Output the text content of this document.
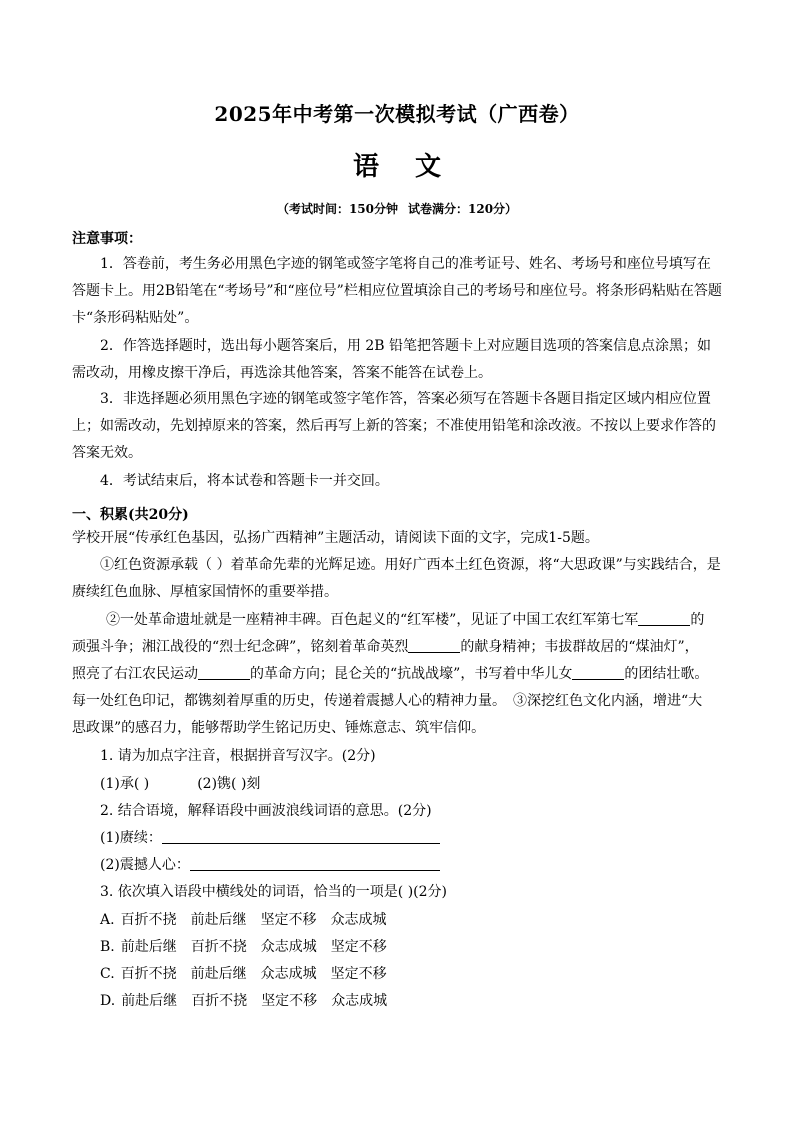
2025年中考第一次模拟考试（广西卷）
语 文
（考试时间：150分钟 试卷满分：120分）
注意事项：
1．答卷前，考生务必用黑色字迹的钢笔或签字笔将自己的准考证号、姓名、考场号和座位号填写在答题卡上。用2B铅笔在“考场号”和“座位号”栏相应位置填涂自己的考场号和座位号。将条形码粘贴在答题卡“条形码粘贴处”。
2．作答选择题时，选出每小题答案后，用 2B 铅笔把答题卡上对应题目选项的答案信息点涂黑；如需改动，用橡皮擦干净后，再选涂其他答案，答案不能答在试卷上。
3．非选择题必须用黑色字迹的钢笔或签字笔作答，答案必须写在答题卡各题目指定区域内相应位置上；如需改动，先划掉原来的答案，然后再写上新的答案；不准使用铅笔和涂改液。不按以上要求作答的答案无效。
4．考试结束后，将本试卷和答题卡一并交回。
一、积累(共20分)
学校开展“传承红色基因，弘扬广西精神”主题活动，请阅读下面的文字，完成1-5题。
①红色资源承载（ ）着革命先辈的光辉足迹。用好广西本土红色资源，将“大思政课”与实践结合，是赓续红色血脉、厚植家国情怀的重要举措。
②一处革命遗址就是一座精神丰碑。百色起义的“红军楼”，见证了中国工农红军第七军	的
顽强斗争；湘江战役的“烈士纪念碑”，铭刻着革命英烈	的献身精神；韦拔群故居的“煤油灯”，
照亮了右江农民运动	的革命方向；昆仑关的“抗战战壕”，书写着中华儿女	的团结壮歌。
每一处红色印记，都镌刻着厚重的历史，传递着震撼人心的精神力量。　③深挖红色文化内涵，增进“大
思政课”的感召力，能够帮助学生铭记历史、锤炼意志、筑牢信仰。
1. 请为加点字注音，根据拼音写汉字。(2分)
(1)承( )	(2)镌( )刻
2. 结合语境，解释语段中画波浪线词语的意思。(2分)
(1)赓续：
(2)震撼人心：
3. 依次填入语段中横线处的词语，恰当的一项是( )(2分)
A. 百折不挠 前赴后继 坚定不移 众志成城
B. 前赴后继 百折不挠 众志成城 坚定不移
C. 百折不挠 前赴后继 众志成城 坚定不移
D. 前赴后继 百折不挠 坚定不移 众志成城
